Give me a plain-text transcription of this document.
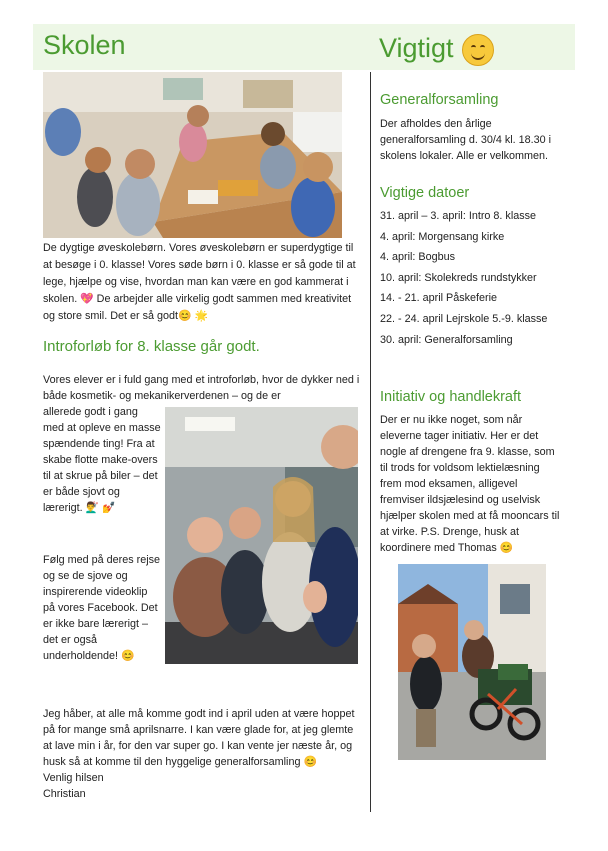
Skolen	Vigtigt
De dygtige øveskolebørn. Vores øveskolebørn er superdygtige til at besøge i 0. klasse! Vores søde børn i 0. klasse er så gode til at lege, hjælpe og vise, hvordan man kan være en god kammerat i skolen. 💖 De arbejder alle virkelig godt sammen med kreativitet og store smil. Det er så godt😊 🌟
Introforløb for 8. klasse går godt.

Vores elever er i fuld gang med et introforløb, hvor de dykker ned i både kosmetik- og mekanikerverdenen – og de er

allerede godt i gang med at opleve en masse spændende ting! Fra at skabe flotte make-overs til at skrue på biler – det er både sjovt og lærerigt. 💇‍♂️ 💅

Følg med på deres rejse og se de sjove og inspirerende videoklip på vores Facebook. Det er ikke bare lærerigt – det er også underholdende! 😊

Jeg håber, at alle må komme godt ind i april uden at være hoppet på for mange små aprilsnarre. I kan være glade for, at jeg glemte at lave min i år, for den var super go. I kan vente jer næste år, og husk så at komme til den hyggelige generalforsamling 😊
Venlig hilsen
Christian
Generalforsamling

Der afholdes den årlige generalforsamling d. 30/4 kl. 18.30 i skolens lokaler. Alle er velkommen.

Vigtige datoer
31. april – 3. april: Intro 8. klasse
4. april: Morgensang kirke
4. april: Bogbus
10. april: Skolekreds rundstykker
14. - 21. april Påskeferie
22. - 24. april Lejrskole 5.-9. klasse
30. april: Generalforsamling
Initiativ og handlekraft

Der er nu ikke noget, som når eleverne tager initiativ. Her er det nogle af drengene fra 9. klasse, som til trods for voldsom lektielæsning frem mod eksamen, alligevel fremviser ildsjælesind og uselvisk hjælper skolen med at få mooncars til at virke. P.S. Drenge, husk at koordinere med Thomas 😊
